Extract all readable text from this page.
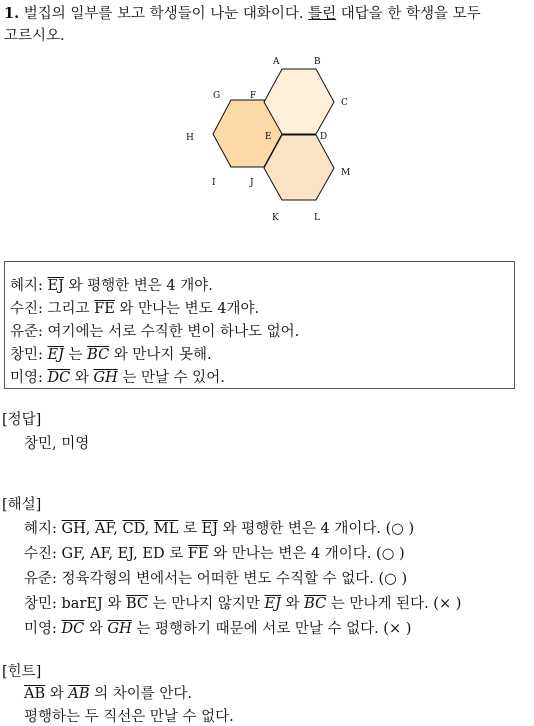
1. 벌집의 일부를 보고 학생들이 나눈 대화이다. 틀린 대답을 한 학생을 모두
고르시오.
A	B
C
D
E
F
G
H
I	J
K	L
M
혜지: $\overline{EJ}$ 와 평행한 변은 4 개야.
수진: 그리고 $\overline{FE}$ 와 만나는 변도 4개야.
유준: 여기에는 서로 수직한 변이 하나도 없어.
창민: $\overline{EJ}$ 는 $\overline{BC}$ 와 만나지 못해.
미영: $\overline{DC}$ 와 $\overline{GH}$ 는 만날 수 있어.
[정답]
창민, 미영
[해설]
혜지: $\overline{GH}$, $\overline{AF}$, $\overline{CD}$, $\overline{ML}$ 로 $\overline{EJ}$ 와 평행한 변은 4 개이다. (○ )
수진: GF, AF, EJ, ED 로 $\overline{FE}$ 와 만나는 변은 4 개이다. (○ )
유준: 정육각형의 변에서는 어떠한 변도 수직할 수 없다. (○ )
창민: barEJ 와 $\overline{BC}$ 는 만나지 않지만 $\overline{EJ}$ 와 $\overline{BC}$ 는 만나게 된다. (× )
미영: $\overline{DC}$ 와 $\overline{GH}$ 는 평행하기 때문에 서로 만날 수 없다. (× )
[힌트]
$\overline{AB}$ 와 $\overline{AB}$ 의 차이를 안다.
평행하는 두 직선은 만날 수 없다.
